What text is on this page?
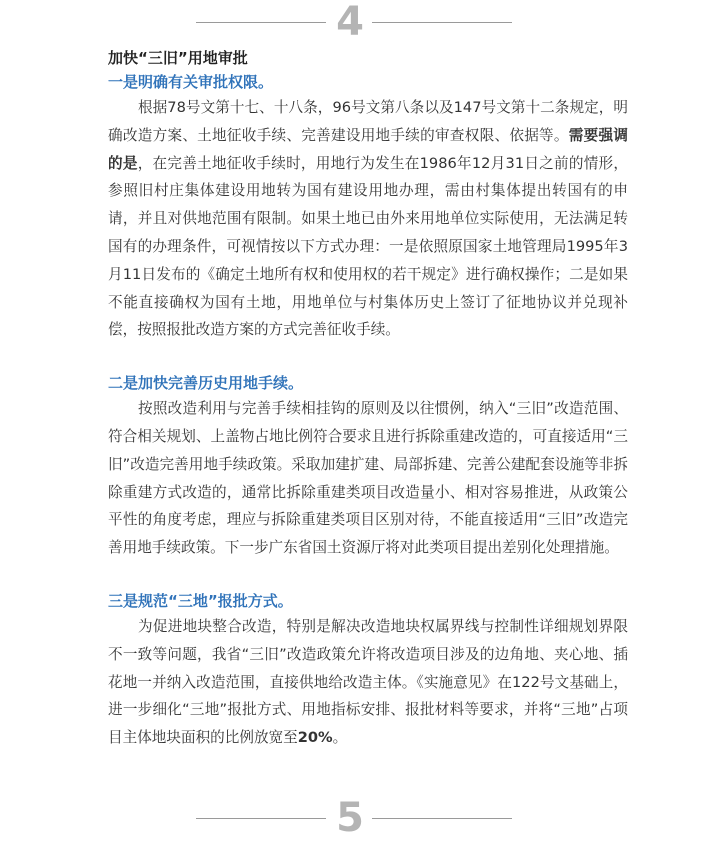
4
加快“三旧”用地审批
一是明确有关审批权限。

根据78号文第十七、十八条，96号文第八条以及147号文第十二条规定，明确改造方案、土地征收手续、完善建设用地手续的审查权限、依据等。需要强调的是，在完善土地征收手续时，用地行为发生在1986年12月31日之前的情形，参照旧村庄集体建设用地转为国有建设用地办理，需由村集体提出转国有的申请，并且对供地范围有限制。如果土地已由外来用地单位实际使用，无法满足转国有的办理条件，可视情按以下方式办理：一是依照原国家土地管理局1995年3月11日发布的《确定土地所有权和使用权的若干规定》进行确权操作；二是如果不能直接确权为国有土地，用地单位与村集体历史上签订了征地协议并兑现补偿，按照报批改造方案的方式完善征收手续。

二是加快完善历史用地手续。

按照改造利用与完善手续相挂钩的原则及以往惯例，纳入“三旧”改造范围、符合相关规划、上盖物占地比例符合要求且进行拆除重建改造的，可直接适用“三旧”改造完善用地手续政策。采取加建扩建、局部拆建、完善公建配套设施等非拆除重建方式改造的，通常比拆除重建类项目改造量小、相对容易推进，从政策公平性的角度考虑，理应与拆除重建类项目区别对待，不能直接适用“三旧”改造完善用地手续政策。下一步广东省国土资源厅将对此类项目提出差别化处理措施。

三是规范“三地”报批方式。

为促进地块整合改造，特别是解决改造地块权属界线与控制性详细规划界限不一致等问题，我省“三旧”改造政策允许将改造项目涉及的边角地、夹心地、插花地一并纳入改造范围，直接供地给改造主体。《实施意见》在122号文基础上，进一步细化“三地”报批方式、用地指标安排、报批材料等要求，并将“三地”占项目主体地块面积的比例放宽至20%。

5
